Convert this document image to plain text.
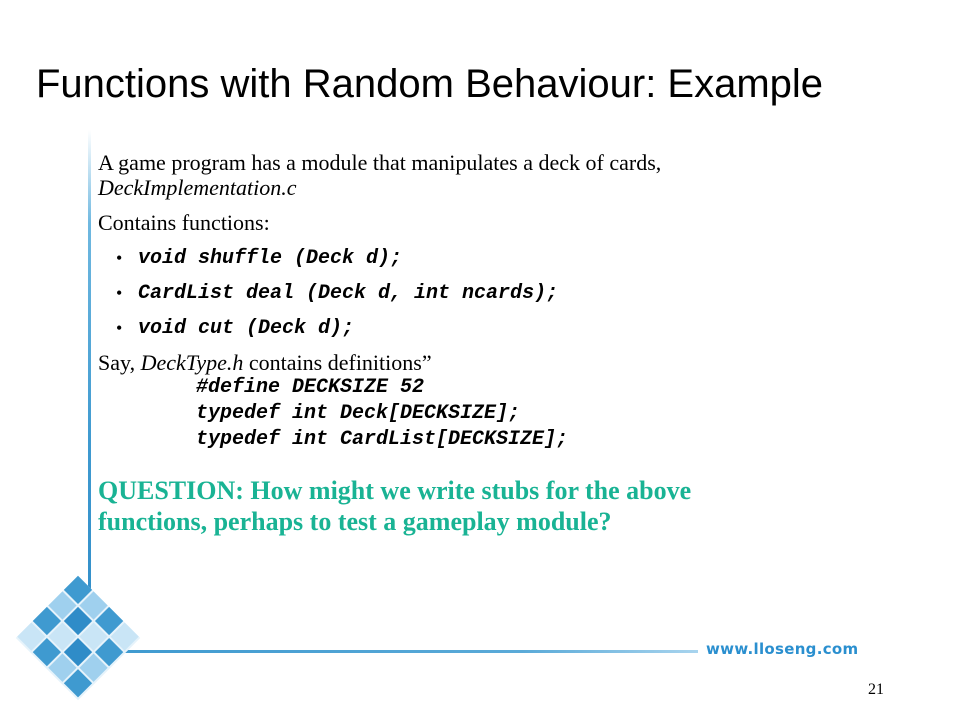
Functions with Random Behaviour: Example
A game program has a module that manipulates a deck of cards,
DeckImplementation.c
Contains functions:
• void shuffle (Deck d);
• CardList deal (Deck d, int ncards);
• void cut (Deck d);
Say, DeckType.h contains definitions”
#define DECKSIZE 52
typedef int Deck[DECKSIZE];
typedef int CardList[DECKSIZE];
QUESTION: How might we write stubs for the above
functions, perhaps to test a gameplay module?
www.lloseng.com
21
